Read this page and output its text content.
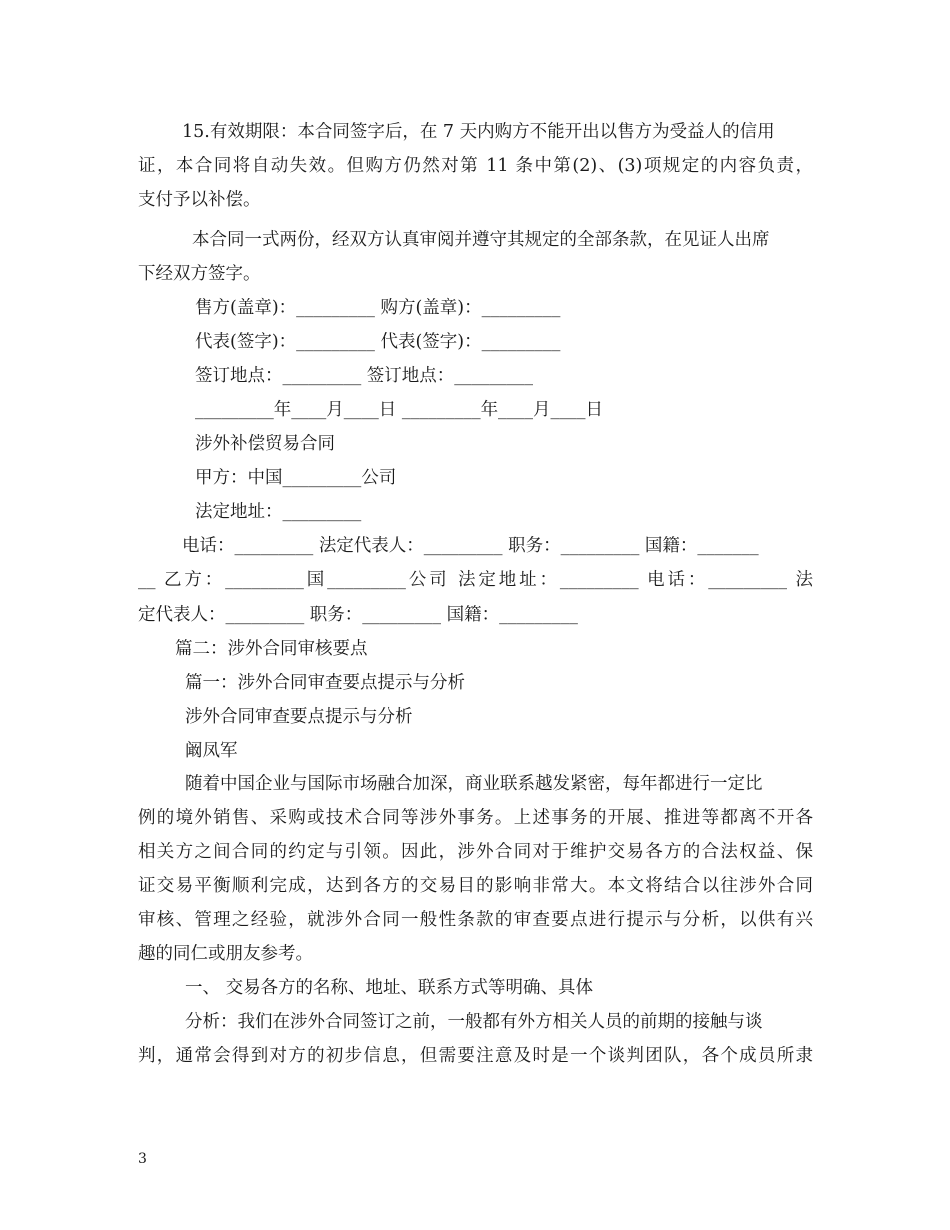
15.有效期限：本合同签字后，在 7 天内购方不能开出以售方为受益人的信用
证，本合同将自动失效。但购方仍然对第 11 条中第(2)、(3)项规定的内容负责，
支付予以补偿。
本合同一式两份，经双方认真审阅并遵守其规定的全部条款，在见证人出席
下经双方签字。
售方(盖章)：_________ 购方(盖章)：_________
代表(签字)：_________ 代表(签字)：_________
签订地点：_________ 签订地点：_________
_________年____月____日 _________年____月____日
涉外补偿贸易合同
甲方：中国_________公司
法定地址：_________
电话：_________ 法定代表人：_________ 职务：_________ 国籍：_______
__ 乙方：_________国_________公司 法定地址：_________ 电话：_________ 法
定代表人：_________ 职务：_________ 国籍：_________
篇二：涉外合同审核要点
篇一：涉外合同审查要点提示与分析
涉外合同审查要点提示与分析
阚凤军
随着中国企业与国际市场融合加深，商业联系越发紧密，每年都进行一定比
例的境外销售、采购或技术合同等涉外事务。上述事务的开展、推进等都离不开各
相关方之间合同的约定与引领。因此，涉外合同对于维护交易各方的合法权益、保
证交易平衡顺利完成，达到各方的交易目的影响非常大。本文将结合以往涉外合同
审核、管理之经验，就涉外合同一般性条款的审查要点进行提示与分析，以供有兴
趣的同仁或朋友参考。
一、 交易各方的名称、地址、联系方式等明确、具体
分析：我们在涉外合同签订之前，一般都有外方相关人员的前期的接触与谈
判，通常会得到对方的初步信息，但需要注意及时是一个谈判团队，各个成员所隶
3
